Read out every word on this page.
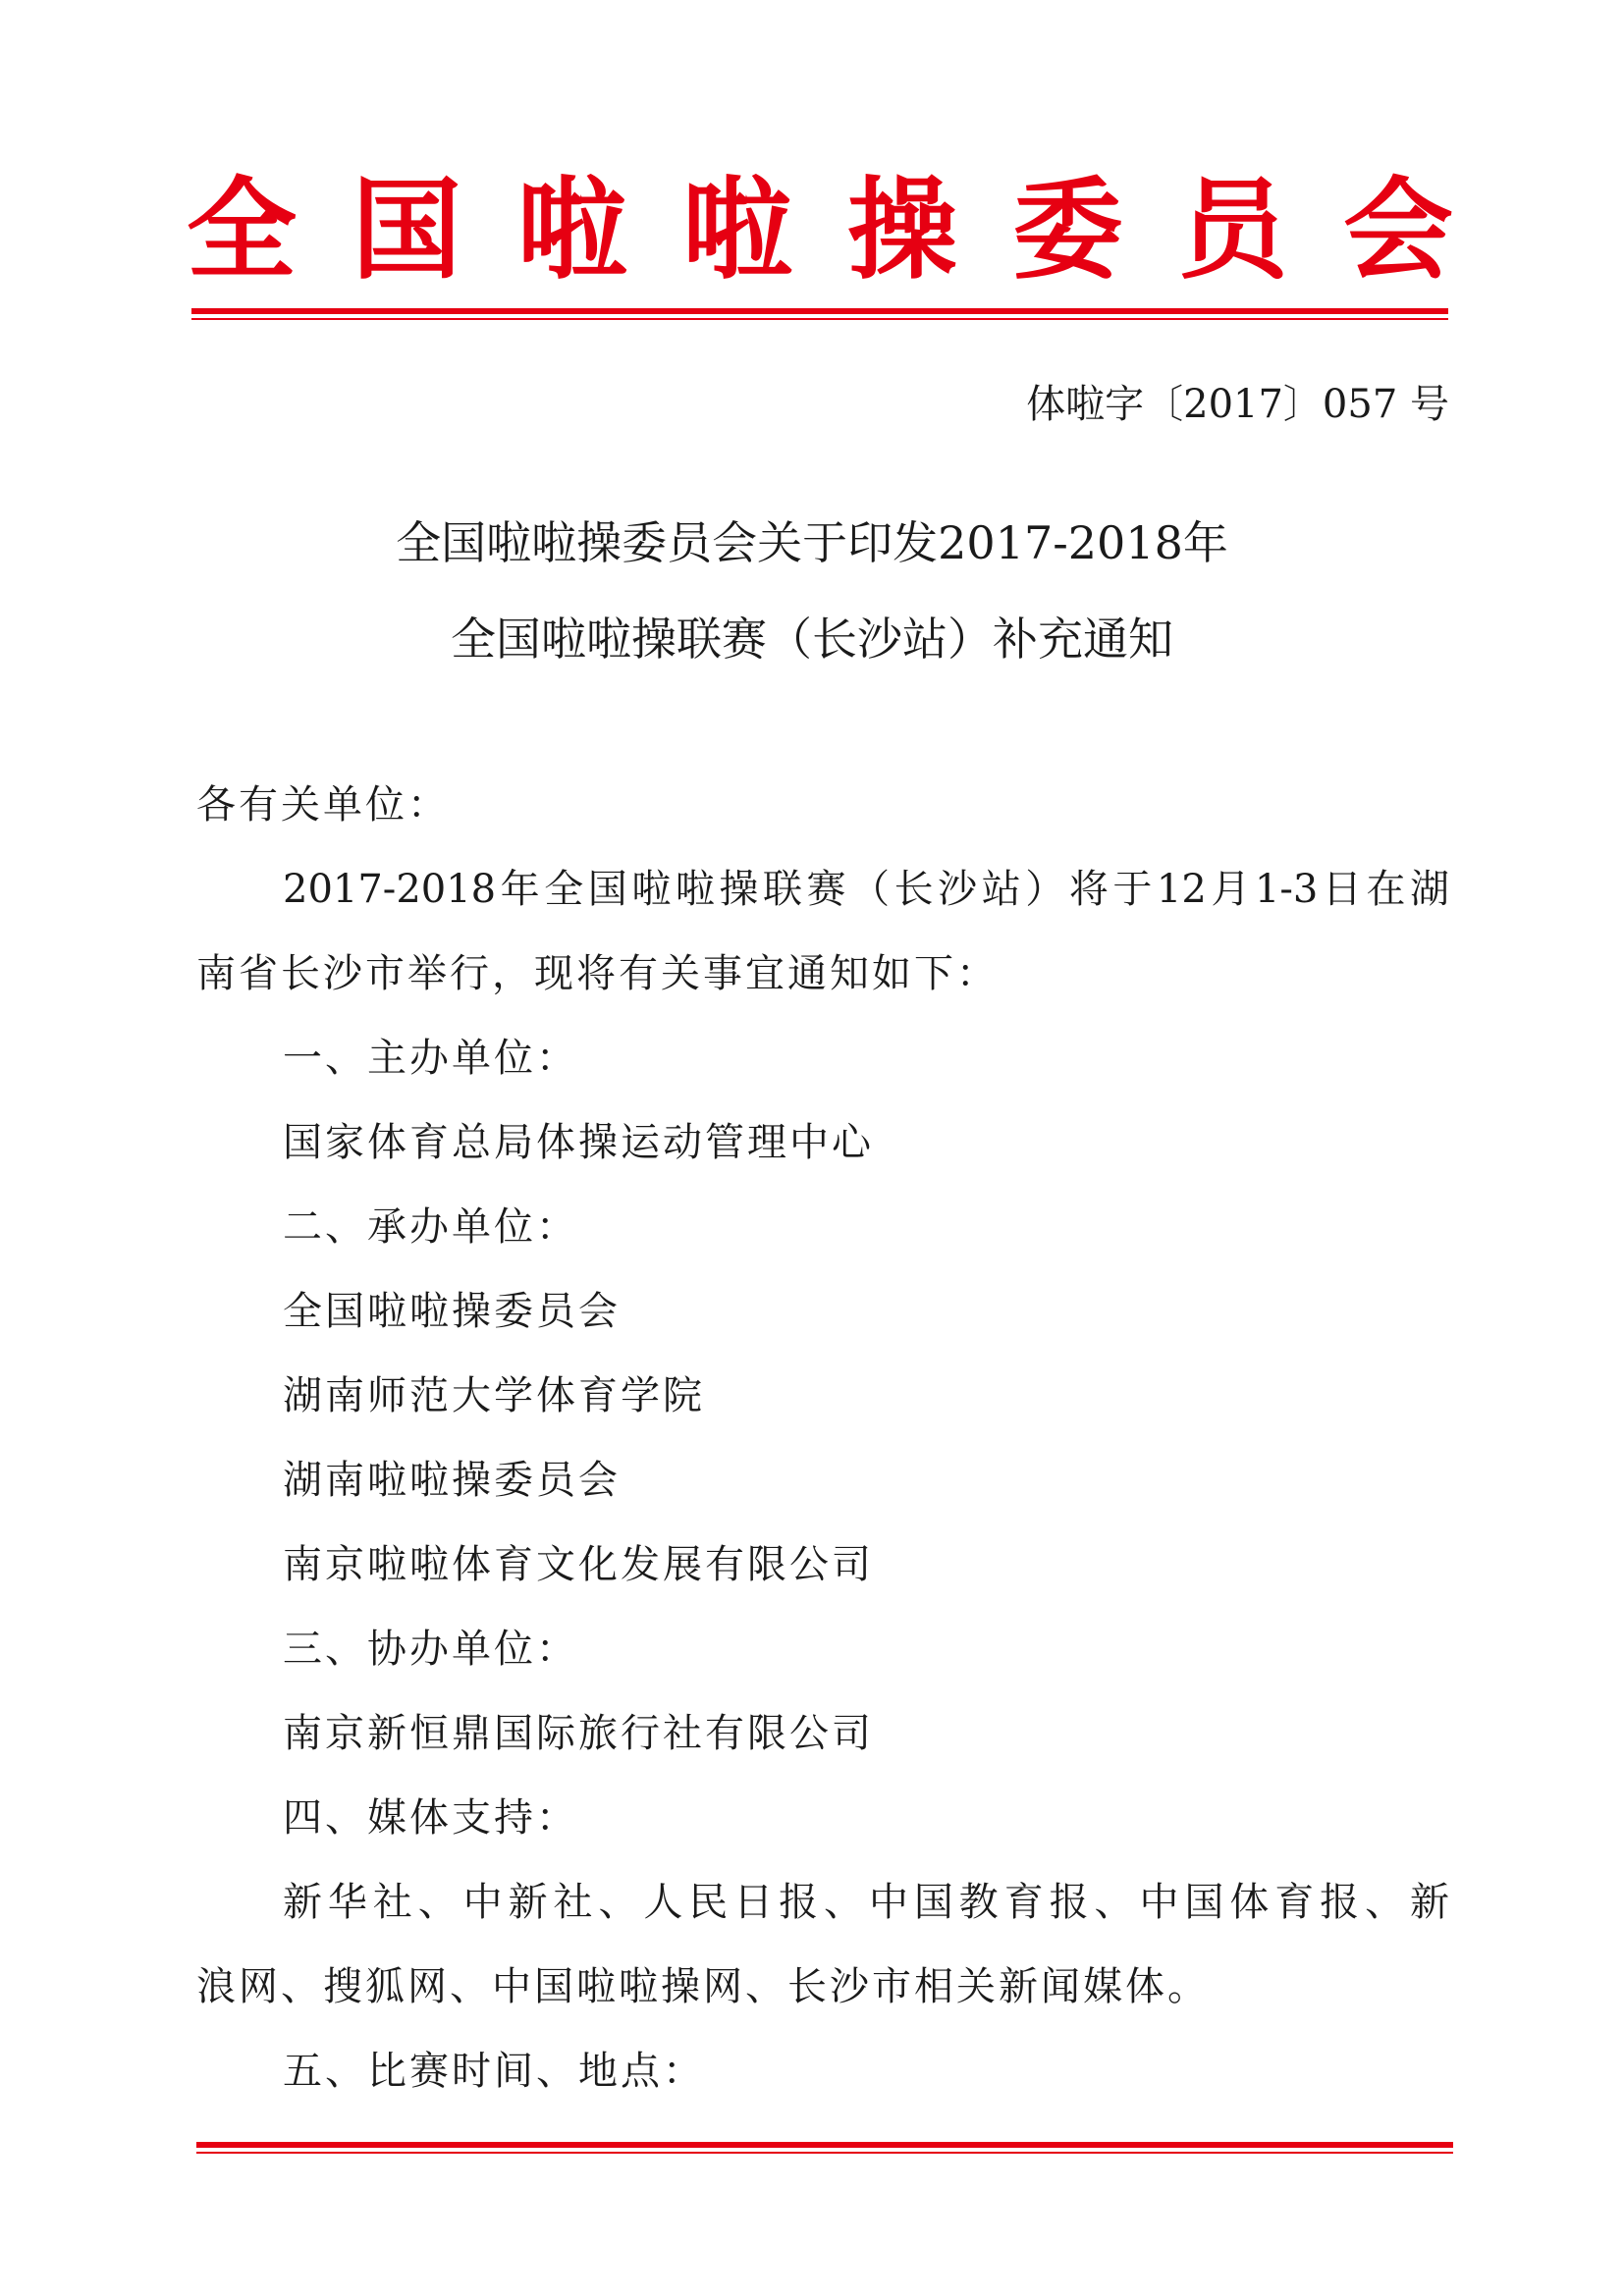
全 国 啦 啦 操 委 员 会
体啦字〔2017〕057 号
全国啦啦操委员会关于印发2017-2018年
全国啦啦操联赛（长沙站）补充通知
各有关单位：
2017-2018年全国啦啦操联赛（长沙站）将于12月1-3日在湖
南省长沙市举行，现将有关事宜通知如下：
一、主办单位：
国家体育总局体操运动管理中心
二、承办单位：
全国啦啦操委员会
湖南师范大学体育学院
湖南啦啦操委员会
南京啦啦体育文化发展有限公司
三、协办单位：
南京新恒鼎国际旅行社有限公司
四、媒体支持：
新华社、中新社、人民日报、中国教育报、中国体育报、新
浪网、搜狐网、中国啦啦操网、长沙市相关新闻媒体。
五、比赛时间、地点：
